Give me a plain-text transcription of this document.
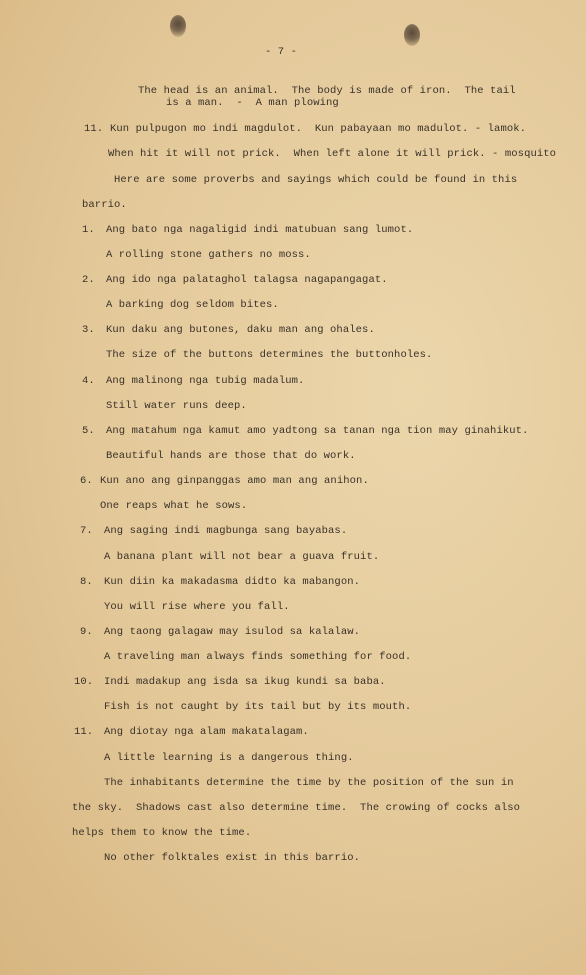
- 7 -
The head is an animal.  The body is made of iron.  The tail
is a man.  -  A man plowing
11. Kun pulpugon mo indi magdulot.  Kun pabayaan mo madulot. - lamok.
When hit it will not prick.  When left alone it will prick. - mosquito
Here are some proverbs and sayings which could be found in this
barrio.
1. Ang bato nga nagaligid indi matubuan sang lumot.
A rolling stone gathers no moss.
2. Ang ido nga palataghol talagsa nagapangagat.
A barking dog seldom bites.
3. Kun daku ang butones, daku man ang ohales.
The size of the buttons determines the buttonholes.
4. Ang malinong nga tubig madalum.
Still water runs deep.
5. Ang matahum nga kamut amo yadtong sa tanan nga tion may ginahikut.
Beautiful hands are those that do work.
6. Kun ano ang ginpanggas amo man ang anihon.
One reaps what he sows.
7. Ang saging indi magbunga sang bayabas.
A banana plant will not bear a guava fruit.
8. Kun diin ka makadasma didto ka mabangon.
You will rise where you fall.
9. Ang taong galagaw may isulod sa kalalaw.
A traveling man always finds something for food.
10. Indi madakup ang isda sa ikug kundi sa baba.
Fish is not caught by its tail but by its mouth.
11. Ang diotay nga alam makatalagam.
A little learning is a dangerous thing.
The inhabitants determine the time by the position of the sun in
the sky.  Shadows cast also determine time.  The crowing of cocks also
helps them to know the time.
No other folktales exist in this barrio.
